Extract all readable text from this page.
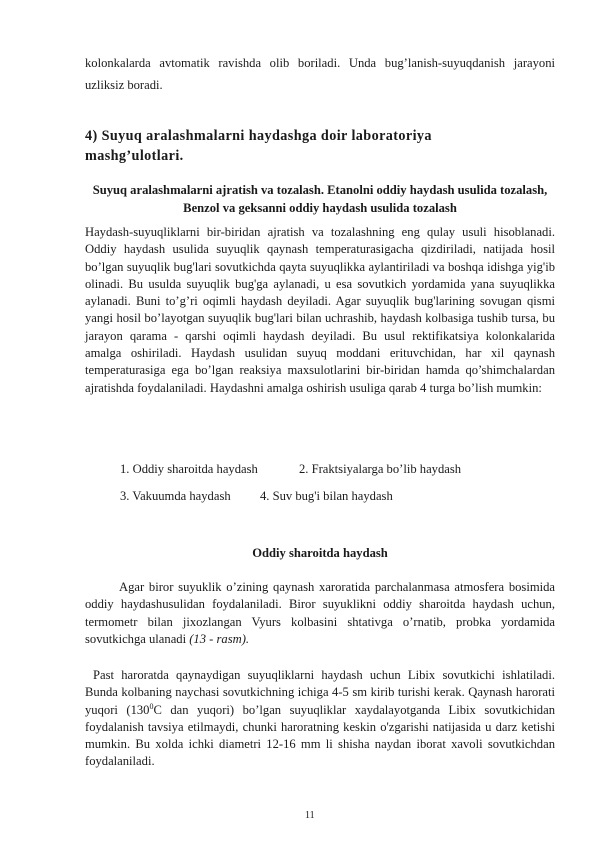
kolonkalarda avtomatik ravishda olib boriladi. Unda bug’lanish-suyuqdanish jarayoni uzliksiz boradi.
4) Suyuq aralashmalarni haydashga doir laboratoriya mashg’ulotlari.
Suyuq aralashmalarni ajratish va tozalash. Etanolni oddiy haydash usulida tozalash, Benzol va geksanni oddiy haydash usulida tozalash
Haydash-suyuqliklarni bir-biridan ajratish va tozalashning eng qulay usuli hisoblanadi. Oddiy haydash usulida suyuqlik qaynash temperaturasigacha qizdiriladi, natijada hosil bo’lgan suyuqlik bug'lari sovutkichda qayta suyuqlikka aylantiriladi va boshqa idishga yig'ib olinadi. Bu usulda suyuqlik bug'ga aylanadi, u esa sovutkich yordamida yana suyuqlikka aylanadi. Buni to’g’ri oqimli haydash deyiladi. Agar suyuqlik bug'larining sovugan qismi yangi hosil bo’layotgan suyuqlik bug'lari bilan uchrashib, haydash kolbasiga tushib tursa, bu jarayon qarama - qarshi oqimli haydash deyiladi. Bu usul rektifikatsiya kolonkalarida amalga oshiriladi. Haydash usulidan suyuq moddani erituvchidan, har xil qaynash temperaturasiga ega bo’lgan reaksiya maxsulotlarini bir-biridan hamda qo’shimchalardan ajratishda foydalaniladi. Haydashni amalga oshirish usuliga qarab 4 turga bo’lish mumkin:
1. Oddiy sharoitda haydash	2. Fraktsiyalarga bo’lib haydash
3. Vakuumda haydash 4. Suv bug'i bilan haydash
Oddiy sharoitda haydash
Agar biror suyuklik o’zining qaynash xaroratida parchalanmasa atmosfera bosimida oddiy haydashusulidan foydalaniladi. Biror suyuklikni oddiy sharoitda haydash uchun, termometr bilan jixozlangan Vyurs kolbasini shtativga o’rnatib, probka yordamida sovutkichga ulanadi (13 - rasm).
Past haroratda qaynaydigan suyuqliklarni haydash uchun Libix sovutkichi ishlatiladi. Bunda kolbaning naychasi sovutkichning ichiga 4-5 sm kirib turishi kerak. Qaynash harorati yuqori ($130^0C$ dan yuqori) bo’lgan suyuqliklar xaydalayotganda Libix sovutkichidan foydalanish tavsiya etilmaydi, chunki haroratning keskin o'zgarishi natijasida u darz ketishi mumkin. Bu xolda ichki diametri 12-16 mm li shisha naydan iborat xavoli sovutkichdan foydalaniladi.
11
